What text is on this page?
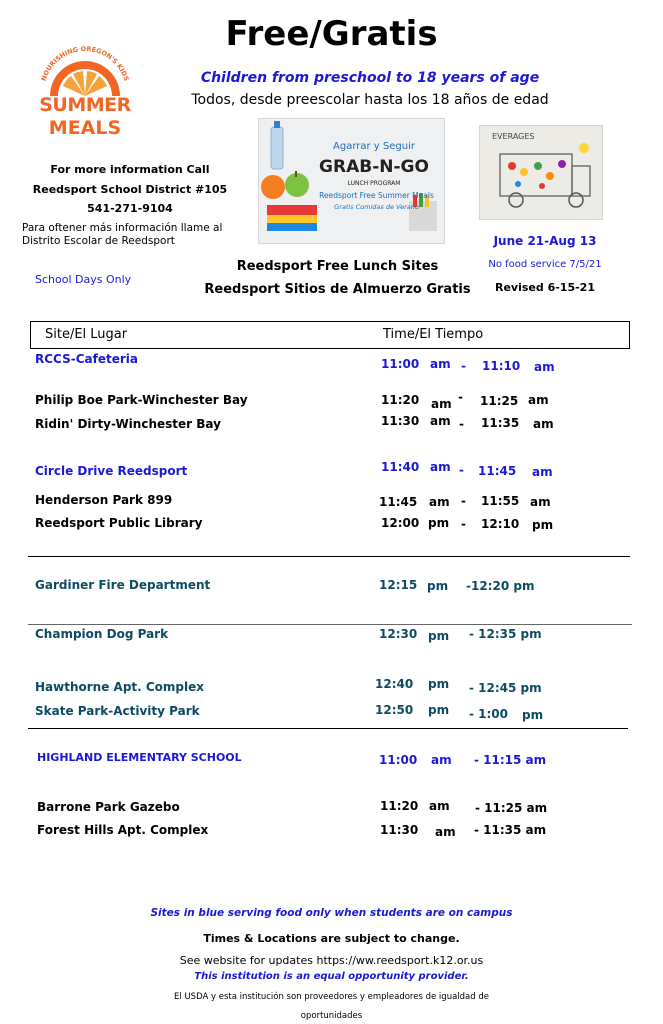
Free/Gratis
Children from preschool to 18 years of age
Todos, desde preescolar hasta los 18 años de edad
NOURISHING OREGON'S KIDS
SUMMER
MEALS
For more information Call
Reedsport School District #105
541-271-9104
Para oftener más información llame al
Distrito Escolar de Reedsport
Agarrar y Seguir
GRAB-N-GO
LUNCH PROGRAM
Reedsport Free Summer Meals
Gratis Comidas de Verano
EVERAGES
June 21-Aug 13
No food service 7/5/21
Revised 6-15-21
School Days Only
Reedsport Free Lunch Sites
Reedsport Sitios de Almuerzo Gratis
Site/El Lugar	Time/El Tiempo
RCCS-Cafeteria	11:00 am - 11:10 am
Philip Boe Park-Winchester Bay	11:20 am - 11:25 am
Ridin' Dirty-Winchester Bay	11:30 am - 11:35 am
Circle Drive Reedsport	11:40 am - 11:45 am
Henderson Park 899	11:45 am - 11:55 am
Reedsport Public Library	12:00 pm - 12:10 pm
Gardiner Fire Department	12:15 pm -12:20 pm
Champion Dog Park	12:30 pm - 12:35 pm
Hawthorne Apt. Complex	12:40 pm - 12:45 pm
Skate Park-Activity Park	12:50 pm - 1:00 pm
HIGHLAND ELEMENTARY SCHOOL	11:00 am - 11:15 am
Barrone Park Gazebo	11:20 am - 11:25 am
Forest Hills Apt. Complex	11:30 am - 11:35 am
Sites in blue serving food only when students are on campus
Times & Locations are subject to change.
See website for updates https://ww.reedsport.k12.or.us
This institution is an equal opportunity provider.
El USDA y esta institución son proveedores y empleadores de igualdad de
oportunidades
